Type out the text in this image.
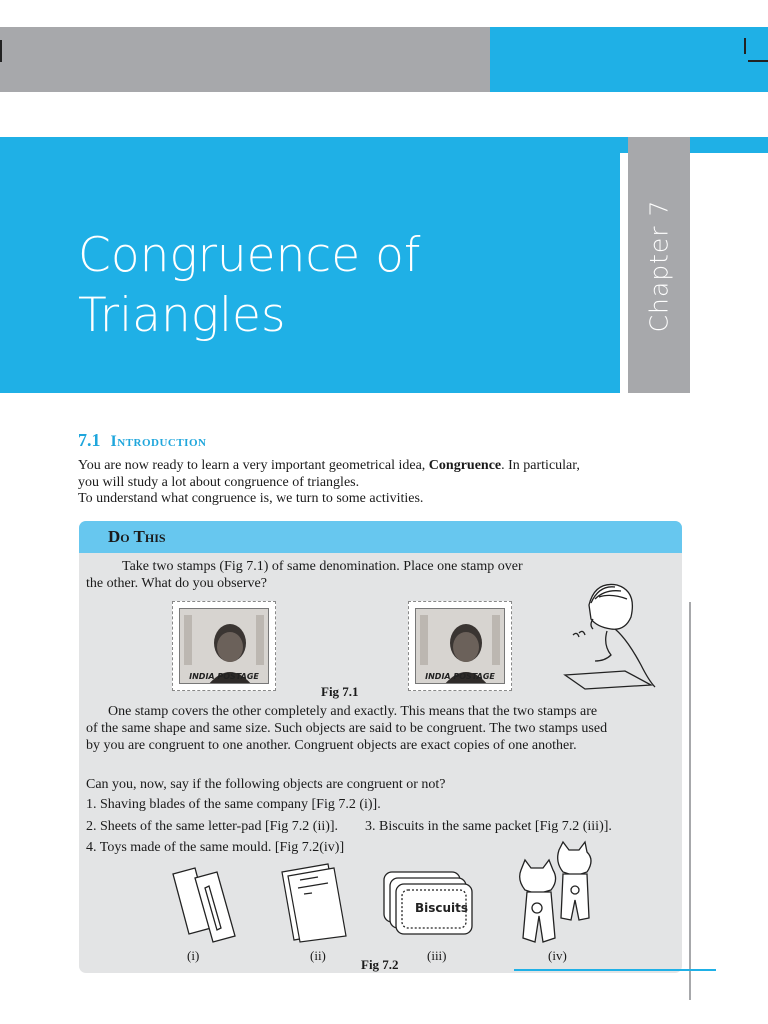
Chapter 7
Congruence of
Triangles
7.1 Introduction
You are now ready to learn a very important geometrical idea, Congruence. In particular,
you will study a lot about congruence of triangles.
To understand what congruence is, we turn to some activities.
Do This
Take two stamps (Fig 7.1) of same denomination. Place one stamp over
the other. What do you observe?
INDIA POSTAGE	INDIA POSTAGE
Fig 7.1
One stamp covers the other completely and exactly. This means that the two stamps are of the same shape and same size. Such objects are said to be congruent. The two stamps used by you are congruent to one another. Congruent objects are exact copies of one another.
Can you, now, say if the following objects are congruent or not?
1. Shaving blades of the same company [Fig 7.2 (i)].
2. Sheets of the same letter-pad [Fig 7.2 (ii)]. 3. Biscuits in the same packet [Fig 7.2 (iii)].
4. Toys made of the same mould. [Fig 7.2(iv)]
Biscuits
(i)	(ii)
Fig 7.2
(iii)	(iv)
